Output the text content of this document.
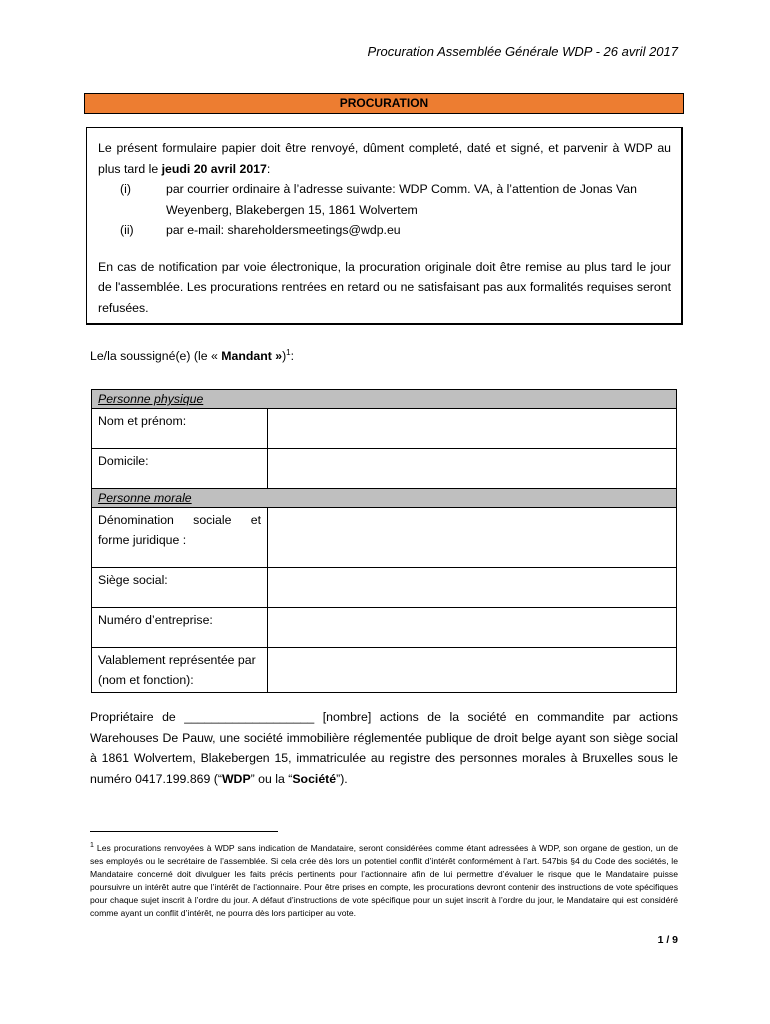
Procuration Assemblée Générale WDP - 26 avril 2017
PROCURATION

Le présent formulaire papier doit être renvoyé, dûment completé, daté et signé, et parvenir à WDP au plus tard le jeudi 20 avril 2017:

(i)	par courrier ordinaire à l’adresse suivante: WDP Comm. VA, à l’attention de Jonas Van Weyenberg, Blakebergen 15, 1861 Wolvertem
(ii)	par e-mail: shareholdersmeetings@wdp.eu

En cas de notification par voie électronique, la procuration originale doit être remise au plus tard le jour de l'assemblée. Les procurations rentrées en retard ou ne satisfaisant pas aux formalités requises seront refusées.

Le/la soussigné(e) (le « Mandant »)$^1$:
Personne physique	
Nom et prénom:	
Domicile:	
Personne morale	
Dénomination sociale et forme juridique :	
Siège social:	
Numéro d’entreprise:	
Valablement représentée par (nom et fonction):	

Propriétaire de ___________________ [nombre] actions de la société en commandite par actions Warehouses De Pauw, une société immobilière réglementée publique de droit belge ayant son siège social à 1861 Wolvertem, Blakebergen 15, immatriculée au registre des personnes morales à Bruxelles sous le numéro 0417.199.869 (“WDP” ou la “Société”).

$^1$ Les procurations renvoyées à WDP sans indication de Mandataire, seront considérées comme étant adressées à WDP, son organe de gestion, un de ses employés ou le secrétaire de l’assemblée. Si cela crée dès lors un potentiel conflit d’intérêt conformément à l’art. 547bis §4 du Code des sociétés, le Mandataire concerné doit divulguer les faits précis pertinents pour l’actionnaire afin de lui permettre d’évaluer le risque que le Mandataire puisse poursuivre un intérêt autre que l’intérêt de l’actionnaire. Pour être prises en compte, les procurations devront contenir des instructions de vote spécifiques pour chaque sujet inscrit à l’ordre du jour. A défaut d’instructions de vote spécifique pour un sujet inscrit à l’ordre du jour, le Mandataire qui est considéré comme ayant un conflit d’intérêt, ne pourra dès lors participer au vote.

1 / 9
